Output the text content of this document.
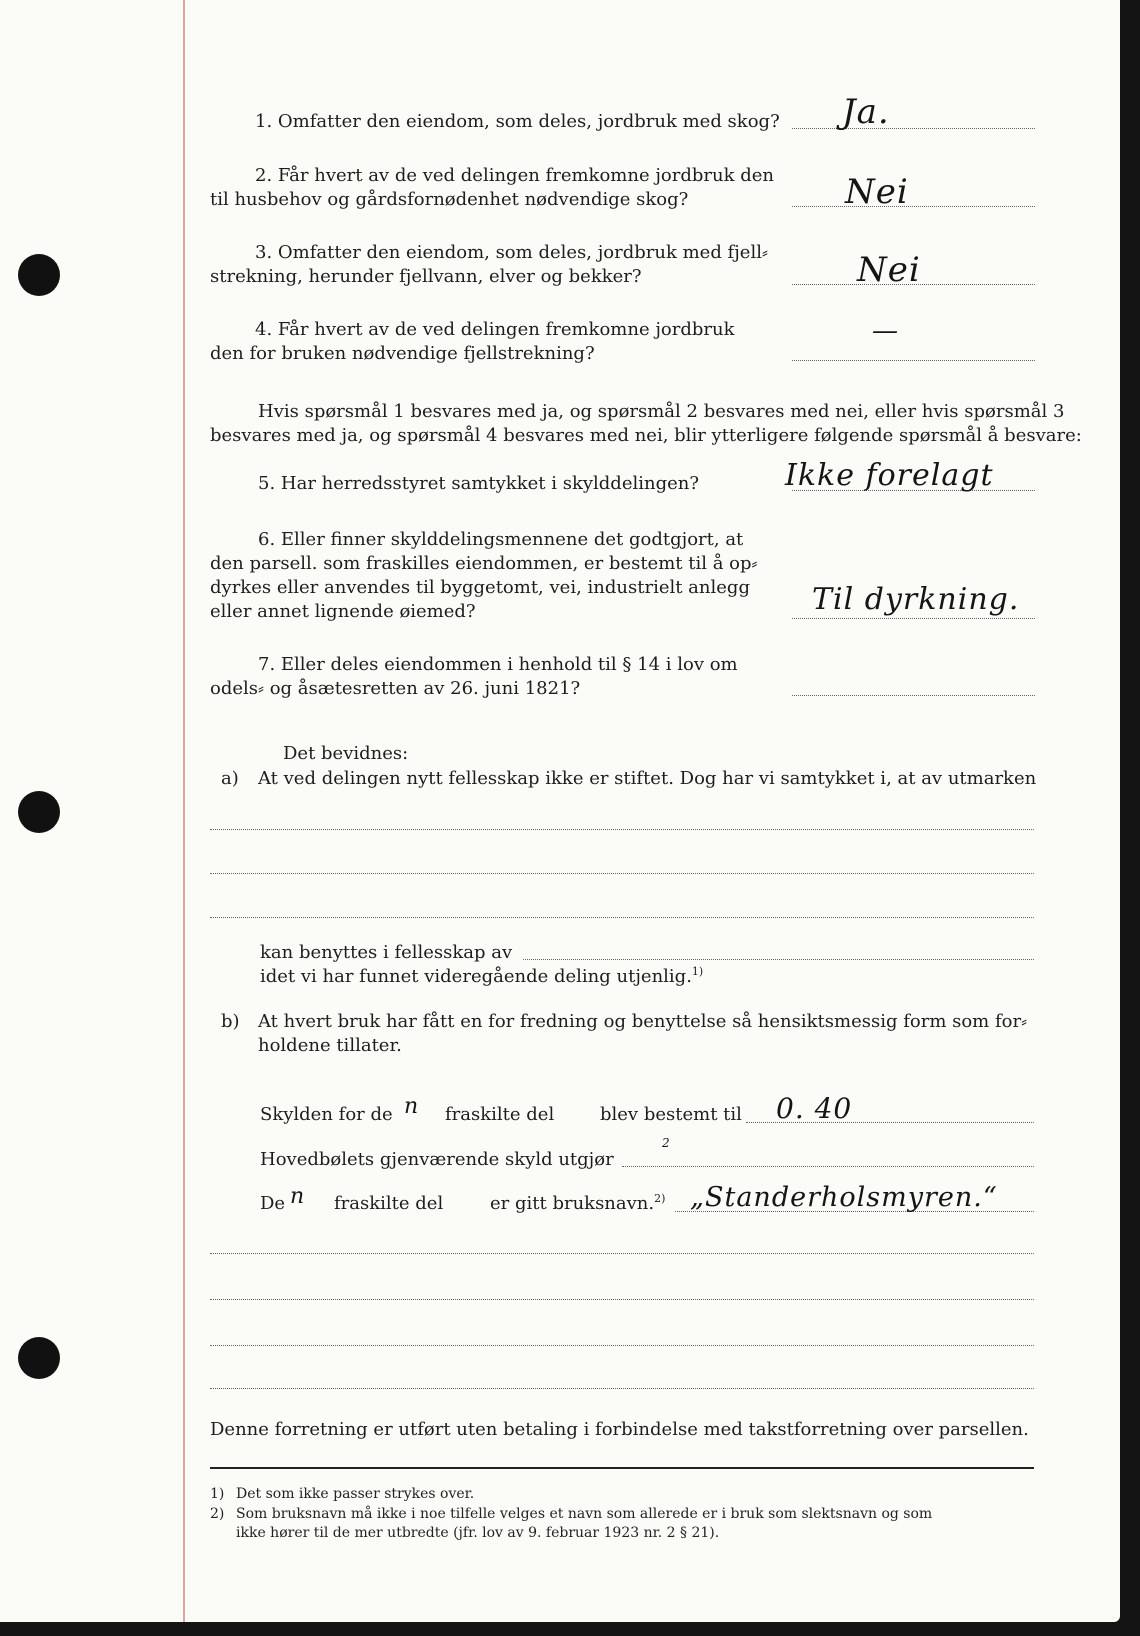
1. Omfatter den eiendom, som deles, jordbruk med skog? Ja.
2. Får hvert av de ved delingen fremkomne jordbruk den
til husbehov og gårdsfornødenhet nødvendige skog?	Nei
3. Omfatter den eiendom, som deles, jordbruk med fjell⸗
strekning, herunder fjellvann, elver og bekker?	Nei
4. Får hvert av de ved delingen fremkomne jordbruk
den for bruken nødvendige fjellstrekning?
—
Hvis spørsmål 1 besvares med ja, og spørsmål 2 besvares med nei, eller hvis spørsmål 3
besvares med ja, og spørsmål 4 besvares med nei, blir ytterligere følgende spørsmål å besvare:
5. Har herredsstyret samtykket i skylddelingen?	Ikke forelagt
6. Eller finner skylddelingsmennene det godtgjort, at
den parsell. som fraskilles eiendommen, er bestemt til å op⸗
dyrkes eller anvendes til byggetomt, vei, industrielt anlegg
eller annet lignende øiemed?	Til dyrkning.
7. Eller deles eiendommen i henhold til § 14 i lov om
odels⸗ og åsætesretten av 26. juni 1821?
Det bevidnes:
a) At ved delingen nytt fellesskap ikke er stiftet. Dog har vi samtykket i, at av utmarken
kan benyttes i fellesskap av
idet vi har funnet videregående deling utjenlig.$^{1)}$
b) At hvert bruk har fått en for fredning og benyttelse så hensiktsmessig form som for⸗
holdene tillater.
Skylden for de n fraskilte del	blev bestemt til 0. 40
Hovedbølets gjenværende skyld utgjør
2
De n fraskilte del	er gitt bruksnavn.$^{2)}$ „Standerholsmyren.“
Denne forretning er utført uten betaling i forbindelse med takstforretning over parsellen.
1) Det som ikke passer strykes over.
2) Som bruksnavn må ikke i noe tilfelle velges et navn som allerede er i bruk som slektsnavn og som
ikke hører til de mer utbredte (jfr. lov av 9. februar 1923 nr. 2 § 21).
